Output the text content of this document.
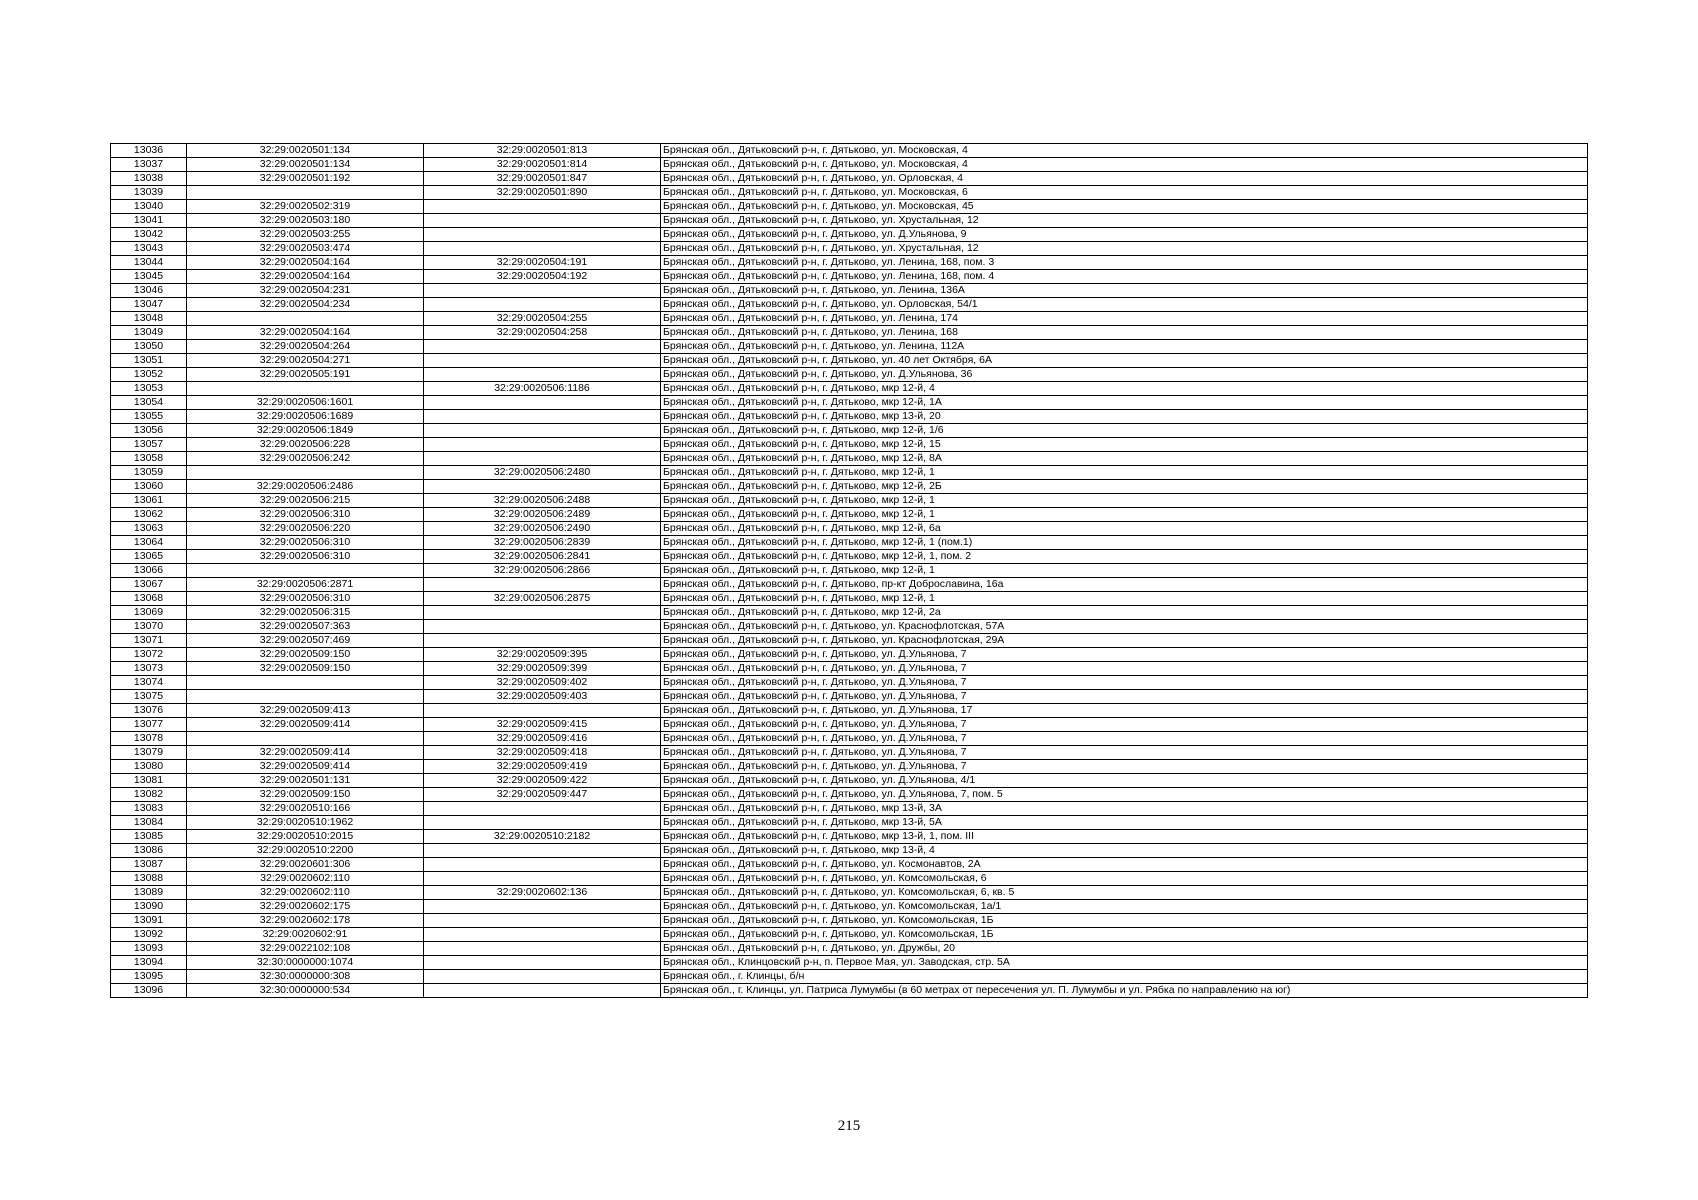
13036	32:29:0020501:134	32:29:0020501:813	Брянская обл., Дятьковский р-н, г. Дятьково, ул. Московская, 4
13037	32:29:0020501:134	32:29:0020501:814	Брянская обл., Дятьковский р-н, г. Дятьково, ул. Московская, 4
13038	32:29:0020501:192	32:29:0020501:847	Брянская обл., Дятьковский р-н, г. Дятьково, ул. Орловская, 4
13039		32:29:0020501:890	Брянская обл., Дятьковский р-н, г. Дятьково, ул. Московская, 6
13040	32:29:0020502:319		Брянская обл., Дятьковский р-н, г. Дятьково, ул. Московская, 45
13041	32:29:0020503:180		Брянская обл., Дятьковский р-н, г. Дятьково, ул. Хрустальная, 12
13042	32:29:0020503:255		Брянская обл., Дятьковский р-н, г. Дятьково, ул. Д.Ульянова, 9
13043	32:29:0020503:474		Брянская обл., Дятьковский р-н, г. Дятьково, ул. Хрустальная, 12
13044	32:29:0020504:164	32:29:0020504:191	Брянская обл., Дятьковский р-н, г. Дятьково, ул. Ленина, 168, пом. 3
13045	32:29:0020504:164	32:29:0020504:192	Брянская обл., Дятьковский р-н, г. Дятьково, ул. Ленина, 168, пом. 4
13046	32:29:0020504:231		Брянская обл., Дятьковский р-н, г. Дятьково, ул. Ленина, 136А
13047	32:29:0020504:234		Брянская обл., Дятьковский р-н, г. Дятьково, ул. Орловская, 54/1
13048		32:29:0020504:255	Брянская обл., Дятьковский р-н, г. Дятьково, ул. Ленина, 174
13049	32:29:0020504:164	32:29:0020504:258	Брянская обл., Дятьковский р-н, г. Дятьково, ул. Ленина, 168
13050	32:29:0020504:264		Брянская обл., Дятьковский р-н, г. Дятьково, ул. Ленина, 112А
13051	32:29:0020504:271		Брянская обл., Дятьковский р-н, г. Дятьково, ул. 40 лет Октября, 6А
13052	32:29:0020505:191		Брянская обл., Дятьковский р-н, г. Дятьково, ул. Д.Ульянова, 36
13053		32:29:0020506:1186	Брянская обл., Дятьковский р-н, г. Дятьково, мкр 12-й, 4
13054	32:29:0020506:1601		Брянская обл., Дятьковский р-н, г. Дятьково, мкр 12-й, 1А
13055	32:29:0020506:1689		Брянская обл., Дятьковский р-н, г. Дятьково, мкр 13-й, 20
13056	32:29:0020506:1849		Брянская обл., Дятьковский р-н, г. Дятьково, мкр 12-й, 1/6
13057	32:29:0020506:228		Брянская обл., Дятьковский р-н, г. Дятьково, мкр 12-й, 15
13058	32:29:0020506:242		Брянская обл., Дятьковский р-н, г. Дятьково, мкр 12-й, 8А
13059		32:29:0020506:2480	Брянская обл., Дятьковский р-н, г. Дятьково, мкр 12-й, 1
13060	32:29:0020506:2486		Брянская обл., Дятьковский р-н, г. Дятьково, мкр 12-й, 2Б
13061	32:29:0020506:215	32:29:0020506:2488	Брянская обл., Дятьковский р-н, г. Дятьково, мкр 12-й, 1
13062	32:29:0020506:310	32:29:0020506:2489	Брянская обл., Дятьковский р-н, г. Дятьково, мкр 12-й, 1
13063	32:29:0020506:220	32:29:0020506:2490	Брянская обл., Дятьковский р-н, г. Дятьково, мкр 12-й, 6а
13064	32:29:0020506:310	32:29:0020506:2839	Брянская обл., Дятьковский р-н, г. Дятьково, мкр 12-й, 1 (пом.1)
13065	32:29:0020506:310	32:29:0020506:2841	Брянская обл., Дятьковский р-н, г. Дятьково, мкр 12-й, 1, пом. 2
13066		32:29:0020506:2866	Брянская обл., Дятьковский р-н, г. Дятьково, мкр 12-й, 1
13067	32:29:0020506:2871		Брянская обл., Дятьковский р-н, г. Дятьково, пр-кт Доброславина, 16а
13068	32:29:0020506:310	32:29:0020506:2875	Брянская обл., Дятьковский р-н, г. Дятьково, мкр 12-й, 1
13069	32:29:0020506:315		Брянская обл., Дятьковский р-н, г. Дятьково, мкр 12-й, 2а
13070	32:29:0020507:363		Брянская обл., Дятьковский р-н, г. Дятьково, ул. Краснофлотская, 57А
13071	32:29:0020507:469		Брянская обл., Дятьковский р-н, г. Дятьково, ул. Краснофлотская, 29А
13072	32:29:0020509:150	32:29:0020509:395	Брянская обл., Дятьковский р-н, г. Дятьково, ул. Д.Ульянова, 7
13073	32:29:0020509:150	32:29:0020509:399	Брянская обл., Дятьковский р-н, г. Дятьково, ул. Д.Ульянова, 7
13074		32:29:0020509:402	Брянская обл., Дятьковский р-н, г. Дятьково, ул. Д.Ульянова, 7
13075		32:29:0020509:403	Брянская обл., Дятьковский р-н, г. Дятьково, ул. Д.Ульянова, 7
13076	32:29:0020509:413		Брянская обл., Дятьковский р-н, г. Дятьково, ул. Д.Ульянова, 17
13077	32:29:0020509:414	32:29:0020509:415	Брянская обл., Дятьковский р-н, г. Дятьково, ул. Д.Ульянова, 7
13078		32:29:0020509:416	Брянская обл., Дятьковский р-н, г. Дятьково, ул. Д.Ульянова, 7
13079	32:29:0020509:414	32:29:0020509:418	Брянская обл., Дятьковский р-н, г. Дятьково, ул. Д.Ульянова, 7
13080	32:29:0020509:414	32:29:0020509:419	Брянская обл., Дятьковский р-н, г. Дятьково, ул. Д.Ульянова, 7
13081	32:29:0020501:131	32:29:0020509:422	Брянская обл., Дятьковский р-н, г. Дятьково, ул. Д.Ульянова, 4/1
13082	32:29:0020509:150	32:29:0020509:447	Брянская обл., Дятьковский р-н, г. Дятьково, ул. Д.Ульянова, 7, пом. 5
13083	32:29:0020510:166		Брянская обл., Дятьковский р-н, г. Дятьково, мкр 13-й, 3А
13084	32:29:0020510:1962		Брянская обл., Дятьковский р-н, г. Дятьково, мкр 13-й, 5А
13085	32:29:0020510:2015	32:29:0020510:2182	Брянская обл., Дятьковский р-н, г. Дятьково, мкр 13-й, 1, пом. III
13086	32:29:0020510:2200		Брянская обл., Дятьковский р-н, г. Дятьково, мкр 13-й, 4
13087	32:29:0020601:306		Брянская обл., Дятьковский р-н, г. Дятьково, ул. Космонавтов, 2А
13088	32:29:0020602:110		Брянская обл., Дятьковский р-н, г. Дятьково, ул. Комсомольская, 6
13089	32:29:0020602:110	32:29:0020602:136	Брянская обл., Дятьковский р-н, г. Дятьково, ул. Комсомольская, 6, кв. 5
13090	32:29:0020602:175		Брянская обл., Дятьковский р-н, г. Дятьково, ул. Комсомольская, 1а/1
13091	32:29:0020602:178		Брянская обл., Дятьковский р-н, г. Дятьково, ул. Комсомольская, 1Б
13092	32:29:0020602:91		Брянская обл., Дятьковский р-н, г. Дятьково, ул. Комсомольская, 1Б
13093	32:29:0022102:108		Брянская обл., Дятьковский р-н, г. Дятьково, ул. Дружбы, 20
13094	32:30:0000000:1074		Брянская обл., Клинцовский р-н, п. Первое Мая, ул. Заводская, стр. 5А
13095	32:30:0000000:308		Брянская обл., г. Клинцы, б/н
13096	32:30:0000000:534		Брянская обл., г. Клинцы, ул. Патриса Лумумбы (в 60 метрах от пересечения ул. П. Лумумбы и ул. Рябка по направлению на юг)
215
